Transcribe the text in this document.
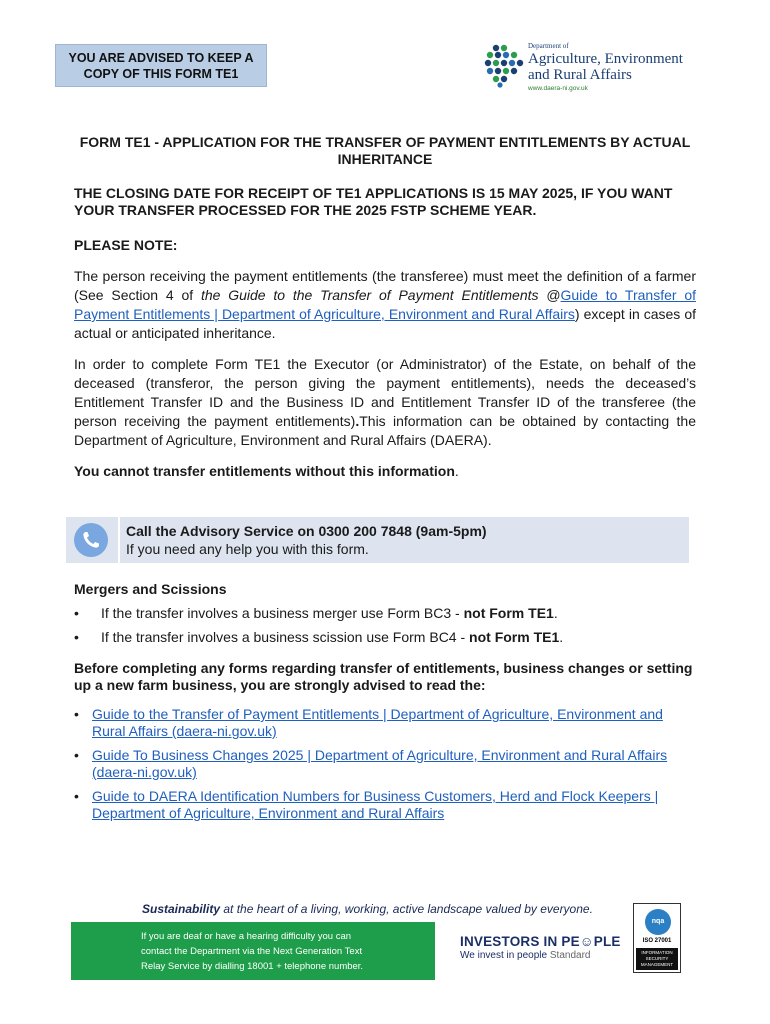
YOU ARE ADVISED TO KEEP A
COPY OF THIS FORM TE1
Department of
Agriculture, Environment
and Rural Affairs
www.daera-ni.gov.uk
FORM TE1 - APPLICATION FOR THE TRANSFER OF PAYMENT ENTITLEMENTS BY ACTUAL INHERITANCE
THE CLOSING DATE FOR RECEIPT OF TE1 APPLICATIONS IS 15 MAY 2025, IF YOU WANT YOUR TRANSFER PROCESSED FOR THE 2025 FSTP SCHEME YEAR.
PLEASE NOTE:
The person receiving the payment entitlements (the transferee) must meet the definition of a farmer (See Section 4 of the Guide to the Transfer of Payment Entitlements @Guide to Transfer of Payment Entitlements | Department of Agriculture, Environment and Rural Affairs) except in cases of actual or anticipated inheritance.
In order to complete Form TE1 the Executor (or Administrator) of the Estate, on behalf of the deceased (transferor, the person giving the payment entitlements), needs the deceased’s Entitlement Transfer ID and the Business ID and Entitlement Transfer ID of the transferee (the person receiving the payment entitlements).This information can be obtained by contacting the Department of Agriculture, Environment and Rural Affairs (DAERA).
You cannot transfer entitlements without this information.
Call the Advisory Service on 0300 200 7848 (9am-5pm)
If you need any help you with this form.
Mergers and Scissions
• If the transfer involves a business merger use Form BC3 - not Form TE1.
• If the transfer involves a business scission use Form BC4 - not Form TE1.
Before completing any forms regarding transfer of entitlements, business changes or setting up a new farm business, you are strongly advised to read the:
• Guide to the Transfer of Payment Entitlements | Department of Agriculture, Environment and Rural Affairs (daera-ni.gov.uk)
• Guide To Business Changes 2025 | Department of Agriculture, Environment and Rural Affairs (daera-ni.gov.uk)
• Guide to DAERA Identification Numbers for Business Customers, Herd and Flock Keepers | Department of Agriculture, Environment and Rural Affairs
Sustainability at the heart of a living, working, active landscape valued by everyone.
If you are deaf or have a hearing difficulty you can
contact the Department via the Next Generation Text
Relay Service by dialling 18001 + telephone number.
INVESTORS IN PE☺PLE
We invest in people Standard
nqa
ISO 27001
INFORMATION SECURITY MANAGEMENT
